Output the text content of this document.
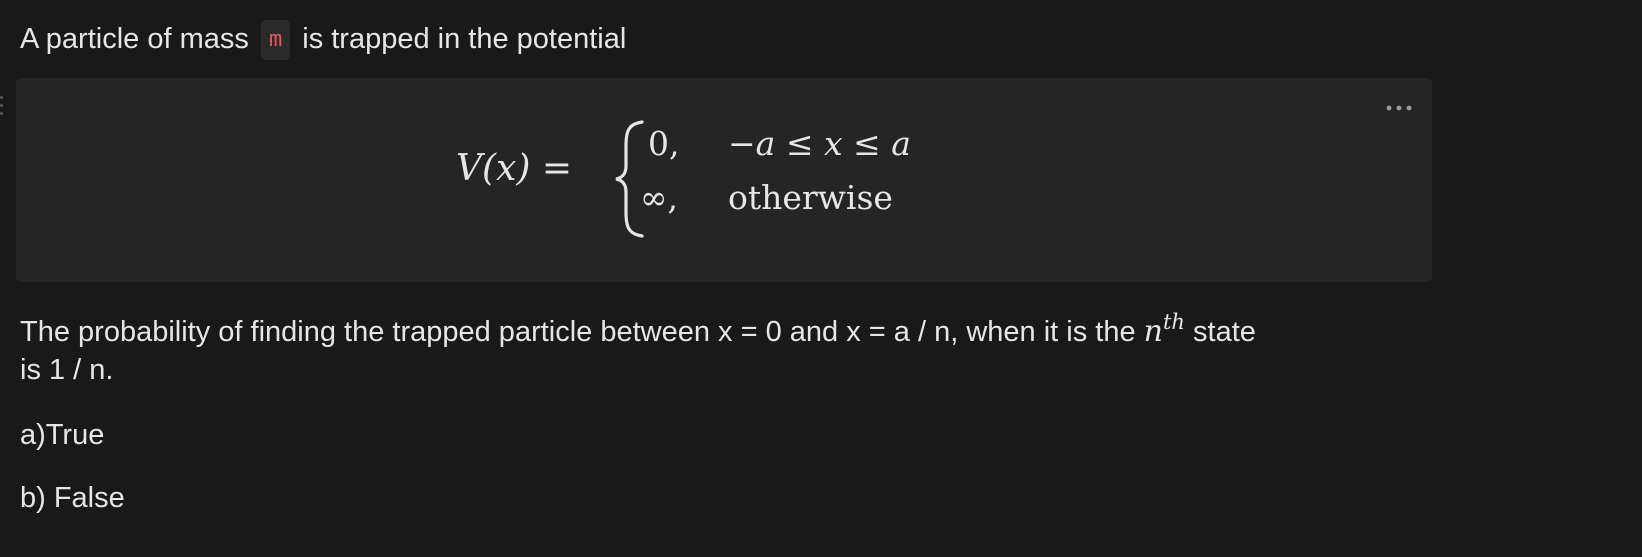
A particle of mass m is trapped in the potential
V(x) =
0, −a ≤ x ≤ a
∞, otherwise
The probability of finding the trapped particle between x = 0 and x = a / n, when it is the $n^{th}$ state
is 1 / n.
a)True
b) False
